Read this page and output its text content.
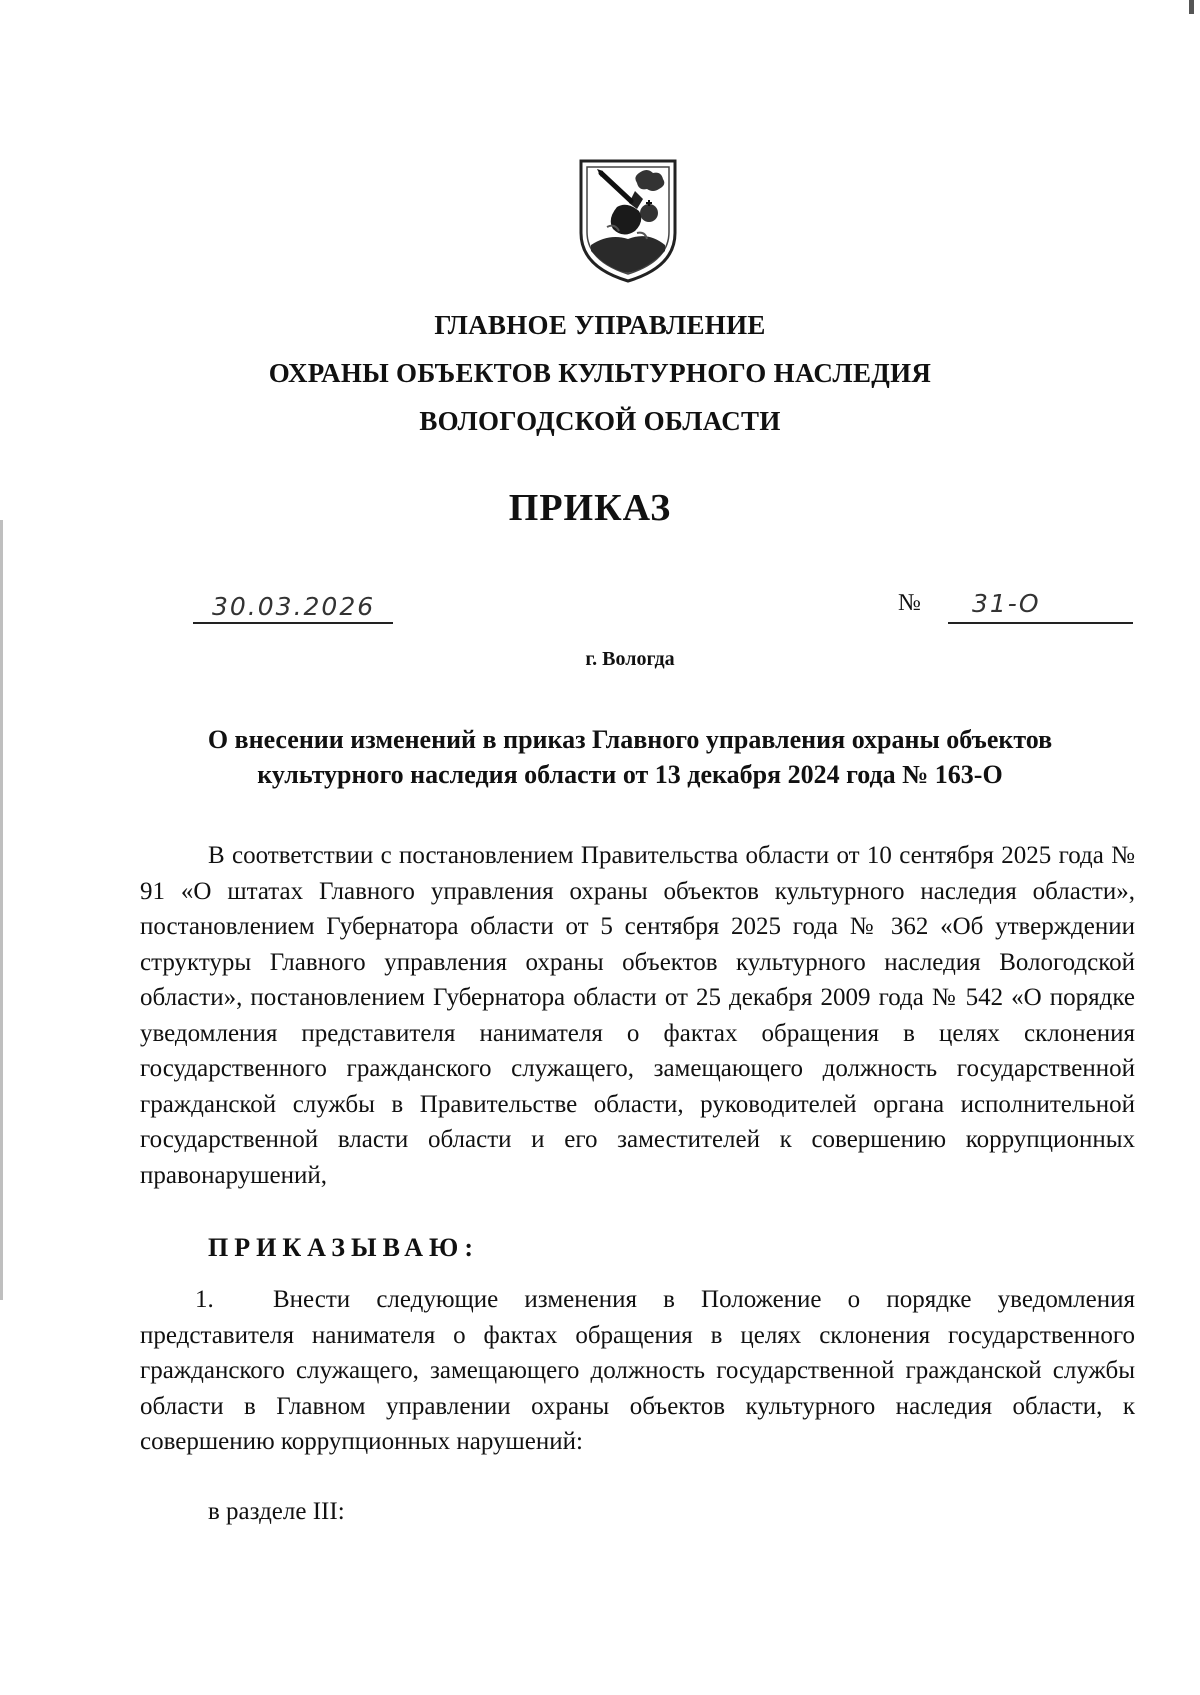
ГЛАВНОЕ УПРАВЛЕНИЕ
ОХРАНЫ ОБЪЕКТОВ КУЛЬТУРНОГО НАСЛЕДИЯ
ВОЛОГОДСКОЙ ОБЛАСТИ
ПРИКАЗ
30.03.2026	№ 31-О
г. Вологда
О внесении изменений в приказ Главного управления охраны объектов культурного наследия области от 13 декабря 2024 года № 163-О
В соответствии с постановлением Правительства области от 10 сентября 2025 года № 91 «О штатах Главного управления охраны объектов культурного наследия области», постановлением Губернатора области от 5 сентября 2025 года № 362 «Об утверждении структуры Главного управления охраны объектов культурного наследия Вологодской области», постановлением Губернатора области от 25 декабря 2009 года № 542 «О порядке уведомления представителя нанимателя о фактах обращения в целях склонения государственного гражданского служащего, замещающего должность государственной гражданской службы в Правительстве области, руководителей органа исполнительной государственной власти области и его заместителей к совершению коррупционных правонарушений,
ПРИКАЗЫВАЮ:
1. Внести следующие изменения в Положение о порядке уведомления представителя нанимателя о фактах обращения в целях склонения государственного гражданского служащего, замещающего должность государственной гражданской службы области в Главном управлении охраны объектов культурного наследия области, к совершению коррупционных нарушений:
в разделе III:
